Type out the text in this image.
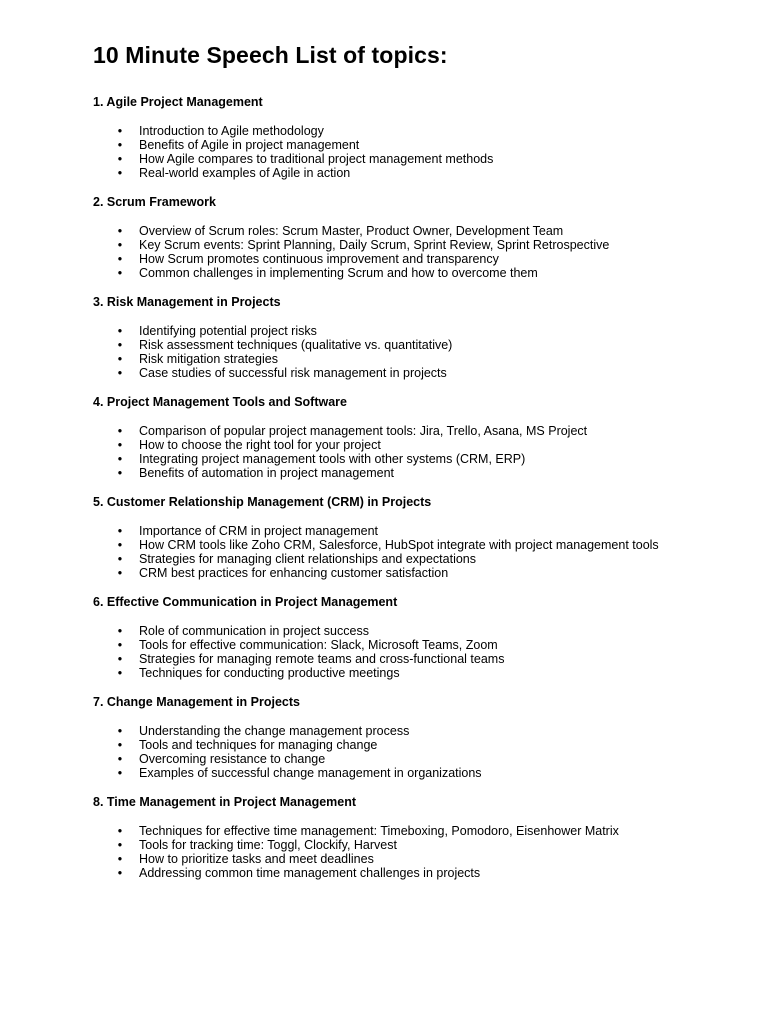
10 Minute Speech List of topics:
1. Agile Project Management
• Introduction to Agile methodology
• Benefits of Agile in project management
• How Agile compares to traditional project management methods
• Real-world examples of Agile in action
2. Scrum Framework
• Overview of Scrum roles: Scrum Master, Product Owner, Development Team
• Key Scrum events: Sprint Planning, Daily Scrum, Sprint Review, Sprint Retrospective
• How Scrum promotes continuous improvement and transparency
• Common challenges in implementing Scrum and how to overcome them
3. Risk Management in Projects
• Identifying potential project risks
• Risk assessment techniques (qualitative vs. quantitative)
• Risk mitigation strategies
• Case studies of successful risk management in projects
4. Project Management Tools and Software
• Comparison of popular project management tools: Jira, Trello, Asana, MS Project
• How to choose the right tool for your project
• Integrating project management tools with other systems (CRM, ERP)
• Benefits of automation in project management
5. Customer Relationship Management (CRM) in Projects
• Importance of CRM in project management
• How CRM tools like Zoho CRM, Salesforce, HubSpot integrate with project management tools
• Strategies for managing client relationships and expectations
• CRM best practices for enhancing customer satisfaction
6. Effective Communication in Project Management
• Role of communication in project success
• Tools for effective communication: Slack, Microsoft Teams, Zoom
• Strategies for managing remote teams and cross-functional teams
• Techniques for conducting productive meetings
7. Change Management in Projects
• Understanding the change management process
• Tools and techniques for managing change
• Overcoming resistance to change
• Examples of successful change management in organizations
8. Time Management in Project Management
• Techniques for effective time management: Timeboxing, Pomodoro, Eisenhower Matrix
• Tools for tracking time: Toggl, Clockify, Harvest
• How to prioritize tasks and meet deadlines
• Addressing common time management challenges in projects
